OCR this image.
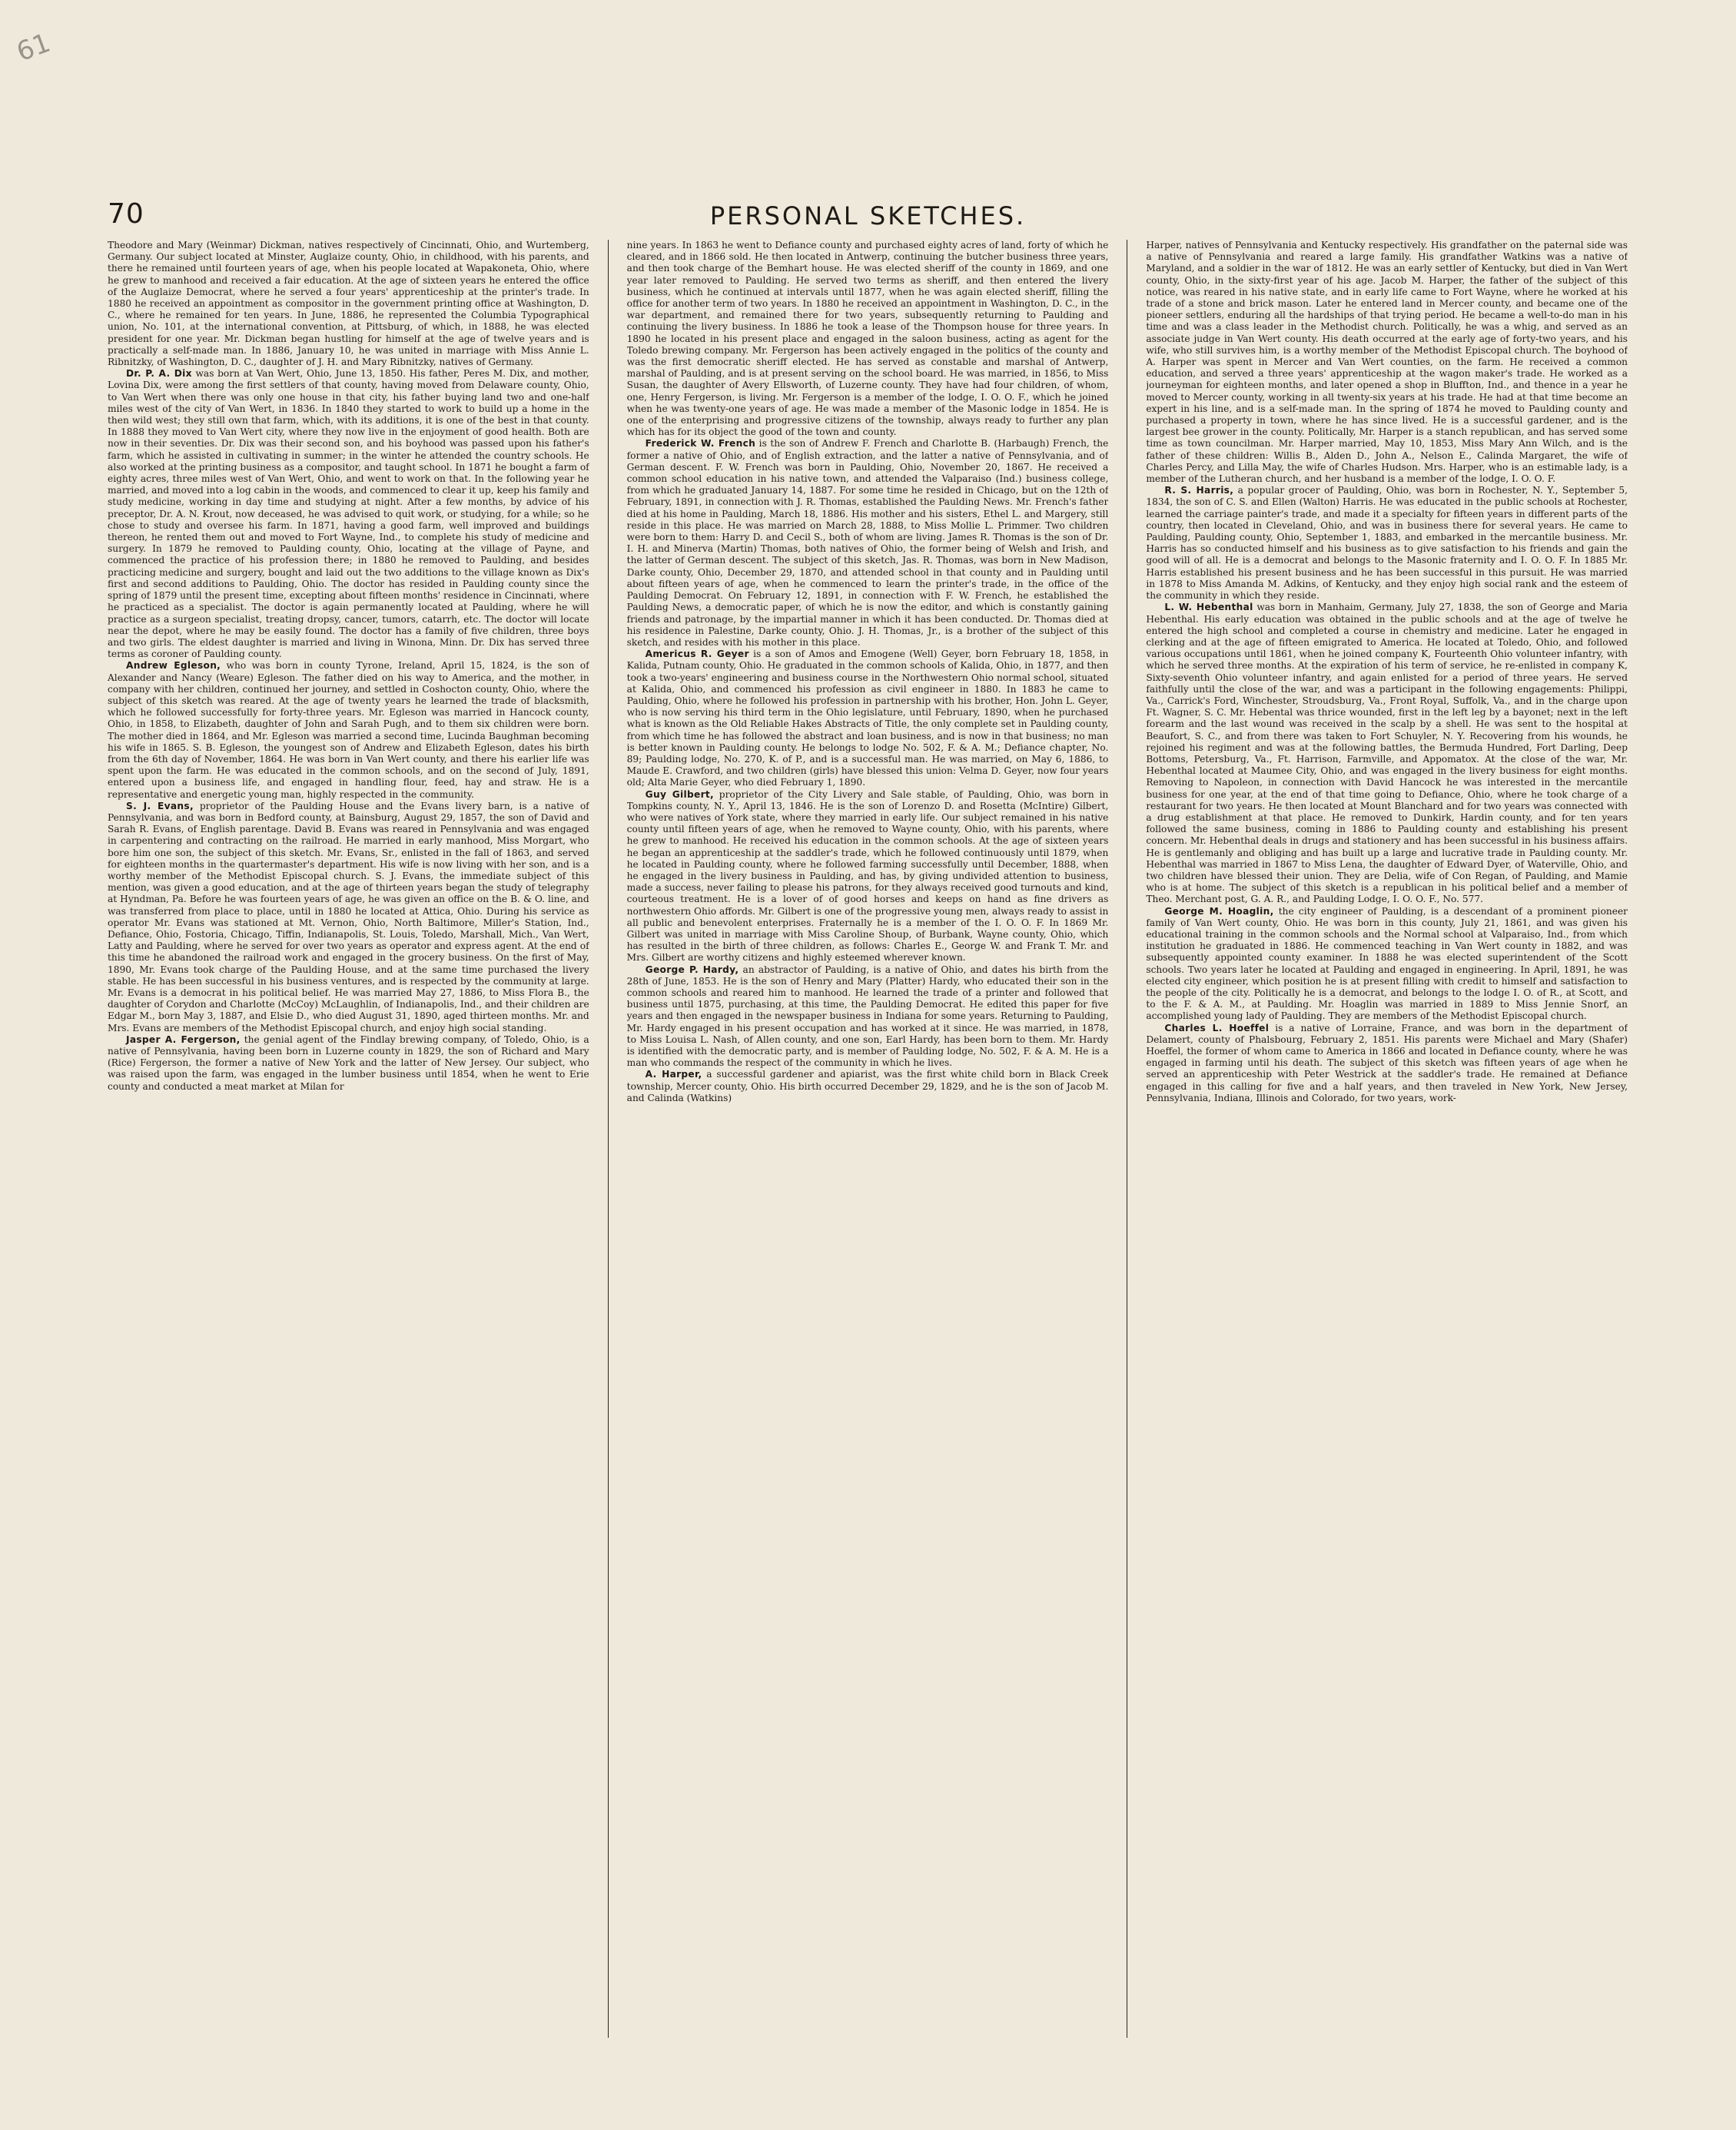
61
70	PERSONAL SKETCHES.

Theodore and Mary (Weinmar) Dickman, natives respectively of Cincinnati, Ohio, and Wurtemberg, Germany. Our subject located at Minster, Auglaize county, Ohio, in childhood, with his parents, and there he remained until fourteen years of age, when his people located at Wapakoneta, Ohio, where he grew to manhood and received a fair education. At the age of sixteen years he entered the office of the Auglaize Democrat, where he served a four years' apprenticeship at the printer's trade. In 1880 he received an appointment as compositor in the government printing office at Washington, D. C., where he remained for ten years. In June, 1886, he represented the Columbia Typographical union, No. 101, at the international convention, at Pittsburg, of which, in 1888, he was elected president for one year. Mr. Dickman began hustling for himself at the age of twelve years and is practically a self-made man. In 1886, January 10, he was united in marriage with Miss Annie L. Ribnitzky, of Washington, D. C., daughter of J. H. and Mary Ribnitzky, natives of Germany.

Dr. P. A. Dix was born at Van Wert, Ohio, June 13, 1850. His father, Peres M. Dix, and mother, Lovina Dix, were among the first settlers of that county, having moved from Delaware county, Ohio, to Van Wert when there was only one house in that city, his father buying land two and one-half miles west of the city of Van Wert, in 1836. In 1840 they started to work to build up a home in the then wild west; they still own that farm, which, with its additions, it is one of the best in that county. In 1888 they moved to Van Wert city, where they now live in the enjoyment of good health. Both are now in their seventies. Dr. Dix was their second son, and his boyhood was passed upon his father's farm, which he assisted in cultivating in summer; in the winter he attended the country schools. He also worked at the printing business as a compositor, and taught school. In 1871 he bought a farm of eighty acres, three miles west of Van Wert, Ohio, and went to work on that. In the following year he married, and moved into a log cabin in the woods, and commenced to clear it up, keep his family and study medicine, working in day time and studying at night. After a few months, by advice of his preceptor, Dr. A. N. Krout, now deceased, he was advised to quit work, or studying, for a while; so he chose to study and oversee his farm. In 1871, having a good farm, well improved and buildings thereon, he rented them out and moved to Fort Wayne, Ind., to complete his study of medicine and surgery. In 1879 he removed to Paulding county, Ohio, locating at the village of Payne, and commenced the practice of his profession there; in 1880 he removed to Paulding, and besides practicing medicine and surgery, bought and laid out the two additions to the village known as Dix's first and second additions to Paulding, Ohio. The doctor has resided in Paulding county since the spring of 1879 until the present time, excepting about fifteen months' residence in Cincinnati, where he practiced as a specialist. The doctor is again permanently located at Paulding, where he will practice as a surgeon specialist, treating dropsy, cancer, tumors, catarrh, etc. The doctor will locate near the depot, where he may be easily found. The doctor has a family of five children, three boys and two girls. The eldest daughter is married and living in Winona, Minn. Dr. Dix has served three terms as coroner of Paulding county.

Andrew Egleson, who was born in county Tyrone, Ireland, April 15, 1824, is the son of Alexander and Nancy (Weare) Egleson. The father died on his way to America, and the mother, in company with her children, continued her journey, and settled in Coshocton county, Ohio, where the subject of this sketch was reared. At the age of twenty years he learned the trade of blacksmith, which he followed successfully for forty-three years. Mr. Egleson was married in Hancock county, Ohio, in 1858, to Elizabeth, daughter of John and Sarah Pugh, and to them six children were born. The mother died in 1864, and Mr. Egleson was married a second time, Lucinda Baughman becoming his wife in 1865. S. B. Egleson, the youngest son of Andrew and Elizabeth Egleson, dates his birth from the 6th day of November, 1864. He was born in Van Wert county, and there his earlier life was spent upon the farm. He was educated in the common schools, and on the second of July, 1891, entered upon a business life, and engaged in handling flour, feed, hay and straw. He is a representative and energetic young man, highly respected in the community.

S. J. Evans, proprietor of the Paulding House and the Evans livery barn, is a native of Pennsylvania, and was born in Bedford county, at Bainsburg, August 29, 1857, the son of David and Sarah R. Evans, of English parentage. David B. Evans was reared in Pennsylvania and was engaged in carpentering and contracting on the railroad. He married in early manhood, Miss Morgart, who bore him one son, the subject of this sketch. Mr. Evans, Sr., enlisted in the fall of 1863, and served for eighteen months in the quartermaster's department. His wife is now living with her son, and is a worthy member of the Methodist Episcopal church. S. J. Evans, the immediate subject of this mention, was given a good education, and at the age of thirteen years began the study of telegraphy at Hyndman, Pa. Before he was fourteen years of age, he was given an office on the B. & O. line, and was transferred from place to place, until in 1880 he located at Attica, Ohio. During his service as operator Mr. Evans was stationed at Mt. Vernon, Ohio, North Baltimore, Miller's Station, Ind., Defiance, Ohio, Fostoria, Chicago, Tiffin, Indianapolis, St. Louis, Toledo, Marshall, Mich., Van Wert, Latty and Paulding, where he served for over two years as operator and express agent. At the end of this time he abandoned the railroad work and engaged in the grocery business. On the first of May, 1890, Mr. Evans took charge of the Paulding House, and at the same time purchased the livery stable. He has been successful in his business ventures, and is respected by the community at large. Mr. Evans is a democrat in his political belief. He was married May 27, 1886, to Miss Flora B., the daughter of Corydon and Charlotte (McCoy) McLaughlin, of Indianapolis, Ind., and their children are Edgar M., born May 3, 1887, and Elsie D., who died August 31, 1890, aged thirteen months. Mr. and Mrs. Evans are members of the Methodist Episcopal church, and enjoy high social standing.

Jasper A. Fergerson, the genial agent of the Findlay brewing company, of Toledo, Ohio, is a native of Pennsylvania, having been born in Luzerne county in 1829, the son of Richard and Mary (Rice) Fergerson, the former a native of New York and the latter of New Jersey. Our subject, who was raised upon the farm, was engaged in the lumber business until 1854, when he went to Erie county and conducted a meat market at Milan for

nine years. In 1863 he went to Defiance county and purchased eighty acres of land, forty of which he cleared, and in 1866 sold. He then located in Antwerp, continuing the butcher business three years, and then took charge of the Bemhart house. He was elected sheriff of the county in 1869, and one year later removed to Paulding. He served two terms as sheriff, and then entered the livery business, which he continued at intervals until 1877, when he was again elected sheriff, filling the office for another term of two years. In 1880 he received an appointment in Washington, D. C., in the war department, and remained there for two years, subsequently returning to Paulding and continuing the livery business. In 1886 he took a lease of the Thompson house for three years. In 1890 he located in his present place and engaged in the saloon business, acting as agent for the Toledo brewing company. Mr. Fergerson has been actively engaged in the politics of the county and was the first democratic sheriff elected. He has served as constable and marshal of Antwerp, marshal of Paulding, and is at present serving on the school board. He was married, in 1856, to Miss Susan, the daughter of Avery Ellsworth, of Luzerne county. They have had four children, of whom, one, Henry Fergerson, is living. Mr. Fergerson is a member of the lodge, I. O. O. F., which he joined when he was twenty-one years of age. He was made a member of the Masonic lodge in 1854. He is one of the enterprising and progressive citizens of the township, always ready to further any plan which has for its object the good of the town and county.

Frederick W. French is the son of Andrew F. French and Charlotte B. (Harbaugh) French, the former a native of Ohio, and of English extraction, and the latter a native of Pennsylvania, and of German descent. F. W. French was born in Paulding, Ohio, November 20, 1867. He received a common school education in his native town, and attended the Valparaiso (Ind.) business college, from which he graduated January 14, 1887. For some time he resided in Chicago, but on the 12th of February, 1891, in connection with J. R. Thomas, established the Paulding News. Mr. French's father died at his home in Paulding, March 18, 1886. His mother and his sisters, Ethel L. and Margery, still reside in this place. He was married on March 28, 1888, to Miss Mollie L. Primmer. Two children were born to them: Harry D. and Cecil S., both of whom are living. James R. Thomas is the son of Dr. I. H. and Minerva (Martin) Thomas, both natives of Ohio, the former being of Welsh and Irish, and the latter of German descent. The subject of this sketch, Jas. R. Thomas, was born in New Madison, Darke county, Ohio, December 29, 1870, and attended school in that county and in Paulding until about fifteen years of age, when he commenced to learn the printer's trade, in the office of the Paulding Democrat. On February 12, 1891, in connection with F. W. French, he established the Paulding News, a democratic paper, of which he is now the editor, and which is constantly gaining friends and patronage, by the impartial manner in which it has been conducted. Dr. Thomas died at his residence in Palestine, Darke county, Ohio. J. H. Thomas, Jr., is a brother of the subject of this sketch, and resides with his mother in this place.

Americus R. Geyer is a son of Amos and Emogene (Well) Geyer, born February 18, 1858, in Kalida, Putnam county, Ohio. He graduated in the common schools of Kalida, Ohio, in 1877, and then took a two-years' engineering and business course in the Northwestern Ohio normal school, situated at Kalida, Ohio, and commenced his profession as civil engineer in 1880. In 1883 he came to Paulding, Ohio, where he followed his profession in partnership with his brother, Hon. John L. Geyer, who is now serving his third term in the Ohio legislature, until February, 1890, when he purchased what is known as the Old Reliable Hakes Abstracts of Title, the only complete set in Paulding county, from which time he has followed the abstract and loan business, and is now in that business; no man is better known in Paulding county. He belongs to lodge No. 502, F. & A. M.; Defiance chapter, No. 89; Paulding lodge, No. 270, K. of P., and is a successful man. He was married, on May 6, 1886, to Maude E. Crawford, and two children (girls) have blessed this union: Velma D. Geyer, now four years old; Alta Marie Geyer, who died February 1, 1890.

Guy Gilbert, proprietor of the City Livery and Sale stable, of Paulding, Ohio, was born in Tompkins county, N. Y., April 13, 1846. He is the son of Lorenzo D. and Rosetta (McIntire) Gilbert, who were natives of York state, where they married in early life. Our subject remained in his native county until fifteen years of age, when he removed to Wayne county, Ohio, with his parents, where he grew to manhood. He received his education in the common schools. At the age of sixteen years he began an apprenticeship at the saddler's trade, which he followed continuously until 1879, when he located in Paulding county, where he followed farming successfully until December, 1888, when he engaged in the livery business in Paulding, and has, by giving undivided attention to business, made a success, never failing to please his patrons, for they always received good turnouts and kind, courteous treatment. He is a lover of of good horses and keeps on hand as fine drivers as northwestern Ohio affords. Mr. Gilbert is one of the progressive young men, always ready to assist in all public and benevolent enterprises. Fraternally he is a member of the I. O. O. F. In 1869 Mr. Gilbert was united in marriage with Miss Caroline Shoup, of Burbank, Wayne county, Ohio, which has resulted in the birth of three children, as follows: Charles E., George W. and Frank T. Mr. and Mrs. Gilbert are worthy citizens and highly esteemed wherever known.

George P. Hardy, an abstractor of Paulding, is a native of Ohio, and dates his birth from the 28th of June, 1853. He is the son of Henry and Mary (Platter) Hardy, who educated their son in the common schools and reared him to manhood. He learned the trade of a printer and followed that business until 1875, purchasing, at this time, the Paulding Democrat. He edited this paper for five years and then engaged in the newspaper business in Indiana for some years. Returning to Paulding, Mr. Hardy engaged in his present occupation and has worked at it since. He was married, in 1878, to Miss Louisa L. Nash, of Allen county, and one son, Earl Hardy, has been born to them. Mr. Hardy is identified with the democratic party, and is member of Paulding lodge, No. 502, F. & A. M. He is a man who commands the respect of the community in which he lives.

A. Harper, a successful gardener and apiarist, was the first white child born in Black Creek township, Mercer county, Ohio. His birth occurred December 29, 1829, and he is the son of Jacob M. and Calinda (Watkins)

Harper, natives of Pennsylvania and Kentucky respectively. His grandfather on the paternal side was a native of Pennsylvania and reared a large family. His grandfather Watkins was a native of Maryland, and a soldier in the war of 1812. He was an early settler of Kentucky, but died in Van Wert county, Ohio, in the sixty-first year of his age. Jacob M. Harper, the father of the subject of this notice, was reared in his native state, and in early life came to Fort Wayne, where he worked at his trade of a stone and brick mason. Later he entered land in Mercer county, and became one of the pioneer settlers, enduring all the hardships of that trying period. He became a well-to-do man in his time and was a class leader in the Methodist church. Politically, he was a whig, and served as an associate judge in Van Wert county. His death occurred at the early age of forty-two years, and his wife, who still survives him, is a worthy member of the Methodist Episcopal church. The boyhood of A. Harper was spent in Mercer and Van Wert counties, on the farm. He received a common education, and served a three years' apprenticeship at the wagon maker's trade. He worked as a journeyman for eighteen months, and later opened a shop in Bluffton, Ind., and thence in a year he moved to Mercer county, working in all twenty-six years at his trade. He had at that time become an expert in his line, and is a self-made man. In the spring of 1874 he moved to Paulding county and purchased a property in town, where he has since lived. He is a successful gardener, and is the largest bee grower in the county. Politically, Mr. Harper is a stanch republican, and has served some time as town councilman. Mr. Harper married, May 10, 1853, Miss Mary Ann Wilch, and is the father of these children: Willis B., Alden D., John A., Nelson E., Calinda Margaret, the wife of Charles Percy, and Lilla May, the wife of Charles Hudson. Mrs. Harper, who is an estimable lady, is a member of the Lutheran church, and her husband is a member of the lodge, I. O. O. F.

R. S. Harris, a popular grocer of Paulding, Ohio, was born in Rochester, N. Y., September 5, 1834, the son of C. S. and Ellen (Walton) Harris. He was educated in the public schools at Rochester, learned the carriage painter's trade, and made it a specialty for fifteen years in different parts of the country, then located in Cleveland, Ohio, and was in business there for several years. He came to Paulding, Paulding county, Ohio, September 1, 1883, and embarked in the mercantile business. Mr. Harris has so conducted himself and his business as to give satisfaction to his friends and gain the good will of all. He is a democrat and belongs to the Masonic fraternity and I. O. O. F. In 1885 Mr. Harris established his present business and he has been successful in this pursuit. He was married in 1878 to Miss Amanda M. Adkins, of Kentucky, and they enjoy high social rank and the esteem of the community in which they reside.

L. W. Hebenthal was born in Manhaim, Germany, July 27, 1838, the son of George and Maria Hebenthal. His early education was obtained in the public schools and at the age of twelve he entered the high school and completed a course in chemistry and medicine. Later he engaged in clerking and at the age of fifteen emigrated to America. He located at Toledo, Ohio, and followed various occupations until 1861, when he joined company K, Fourteenth Ohio volunteer infantry, with which he served three months. At the expiration of his term of service, he re-enlisted in company K, Sixty-seventh Ohio volunteer infantry, and again enlisted for a period of three years. He served faithfully until the close of the war, and was a participant in the following engagements: Philippi, Va., Carrick's Ford, Winchester, Stroudsburg, Va., Front Royal, Suffolk, Va., and in the charge upon Ft. Wagner, S. C. Mr. Hebental was thrice wounded, first in the left leg by a bayonet; next in the left forearm and the last wound was received in the scalp by a shell. He was sent to the hospital at Beaufort, S. C., and from there was taken to Fort Schuyler, N. Y. Recovering from his wounds, he rejoined his regiment and was at the following battles, the Bermuda Hundred, Fort Darling, Deep Bottoms, Petersburg, Va., Ft. Harrison, Farmville, and Appomatox. At the close of the war, Mr. Hebenthal located at Maumee City, Ohio, and was engaged in the livery business for eight months. Removing to Napoleon, in connection with David Hancock he was interested in the mercantile business for one year, at the end of that time going to Defiance, Ohio, where he took charge of a restaurant for two years. He then located at Mount Blanchard and for two years was connected with a drug establishment at that place. He removed to Dunkirk, Hardin county, and for ten years followed the same business, coming in 1886 to Paulding county and establishing his present concern. Mr. Hebenthal deals in drugs and stationery and has been successful in his business affairs. He is gentlemanly and obliging and has built up a large and lucrative trade in Paulding county. Mr. Hebenthal was married in 1867 to Miss Lena, the daughter of Edward Dyer, of Waterville, Ohio, and two children have blessed their union. They are Delia, wife of Con Regan, of Paulding, and Mamie who is at home. The subject of this sketch is a republican in his political belief and a member of Theo. Merchant post, G. A. R., and Paulding Lodge, I. O. O. F., No. 577.

George M. Hoaglin, the city engineer of Paulding, is a descendant of a prominent pioneer family of Van Wert county, Ohio. He was born in this county, July 21, 1861, and was given his educational training in the common schools and the Normal school at Valparaiso, Ind., from which institution he graduated in 1886. He commenced teaching in Van Wert county in 1882, and was subsequently appointed county examiner. In 1888 he was elected superintendent of the Scott schools. Two years later he located at Paulding and engaged in engineering. In April, 1891, he was elected city engineer, which position he is at present filling with credit to himself and satisfaction to the people of the city. Politically he is a democrat, and belongs to the lodge I. O. of R., at Scott, and to the F. & A. M., at Paulding. Mr. Hoaglin was married in 1889 to Miss Jennie Snorf, an accomplished young lady of Paulding. They are members of the Methodist Episcopal church.

Charles L. Hoeffel is a native of Lorraine, France, and was born in the department of Delamert, county of Phalsbourg, February 2, 1851. His parents were Michael and Mary (Shafer) Hoeffel, the former of whom came to America in 1866 and located in Defiance county, where he was engaged in farming until his death. The subject of this sketch was fifteen years of age when he served an apprenticeship with Peter Westrick at the saddler's trade. He remained at Defiance engaged in this calling for five and a half years, and then traveled in New York, New Jersey, Pennsylvania, Indiana, Illinois and Colorado, for two years, work-
